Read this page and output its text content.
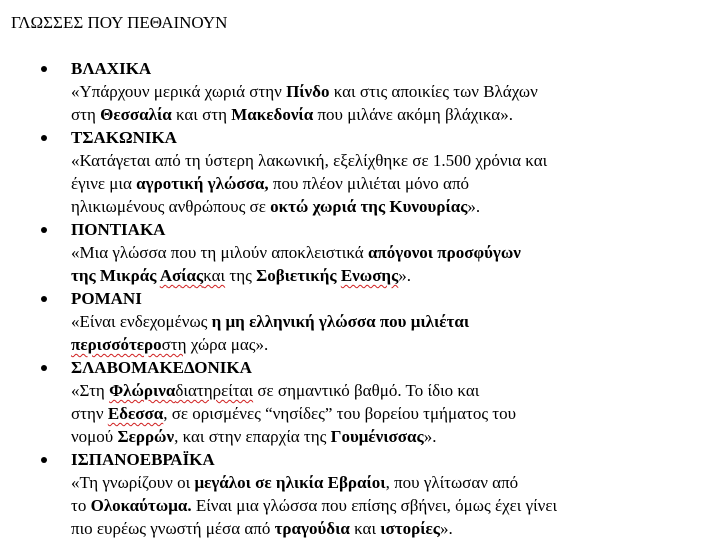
ΓΛΩΣΣΕΣ ΠΟΥ ΠΕΘΑΙΝΟΥΝ
ΒΛΑΧΙΚΑ
«Υπάρχουν μερικά χωριά στην Πίνδο και στις αποικίες των Βλάχων
στη Θεσσαλία και στη Μακεδονία που μιλάνε ακόμη βλάχικα».
ΤΣΑΚΩΝΙΚΑ
«Κατάγεται από τη ύστερη λακωνική, εξελίχθηκε σε 1.500 χρόνια και
έγινε μια αγροτική γλώσσα, που πλέον μιλιέται μόνο από
ηλικιωμένους ανθρώπους σε οκτώ χωριά της Κυνουρίας».
ΠΟΝΤΙΑΚΑ
«Μια γλώσσα που τη μιλούν αποκλειστικά απόγονοι προσφύγων
της Μικράς Ασίαςκαι της Σοβιετικής Ενωσης».
ΡΟΜΑΝΙ
«Είναι ενδεχομένως η μη ελληνική γλώσσα που μιλιέται
περισσότεροστη χώρα μας».
ΣΛΑΒΟΜΑΚΕΔΟΝΙΚΑ
«Στη Φλώριναδιατηρείται σε σημαντικό βαθμό. Το ίδιο και
στην Εδεσσα, σε ορισμένες “νησίδες” του βορείου τμήματος του
νομού Σερρών, και στην επαρχία της Γουμένισσας».
ΙΣΠΑΝΟΕΒΡΑΪΚΑ
«Τη γνωρίζουν οι μεγάλοι σε ηλικία Εβραίοι, που γλίτωσαν από
το Ολοκαύτωμα. Είναι μια γλώσσα που επίσης σβήνει, όμως έχει γίνει
πιο ευρέως γνωστή μέσα από τραγούδια και ιστορίες».
